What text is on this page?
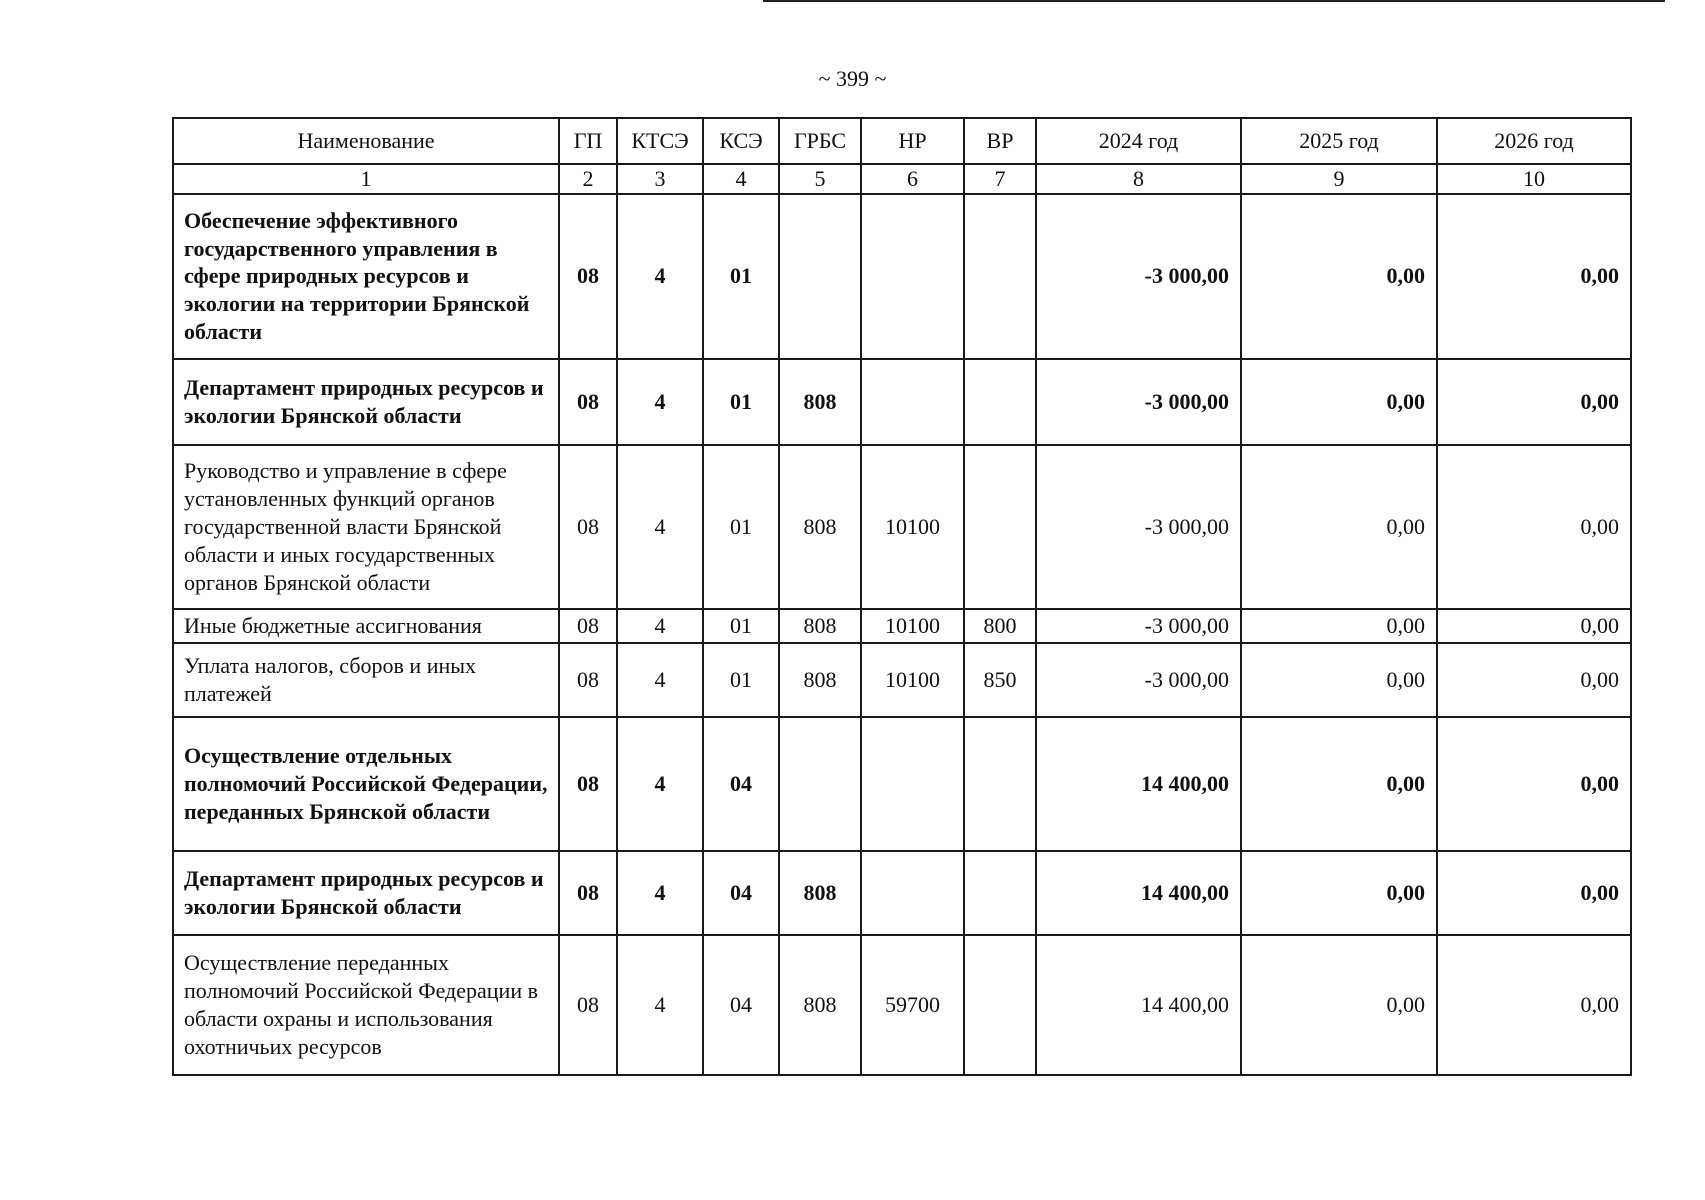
~ 399 ~
Наименование	ГП	КТСЭ	КСЭ	ГРБС	НР	ВР	2024 год	2025 год	2026 год
1	2	3	4	5	6	7	8	9	10
Обеспечение эффективного государственного управления в сфере природных ресурсов и экологии на территории Брянской области	08	4	01				-3 000,00	0,00	0,00
Департамент природных ресурсов и экологии Брянской области	08	4	01	808			-3 000,00	0,00	0,00
Руководство и управление в сфере установленных функций органов государственной власти Брянской области и иных государственных органов Брянской области	08	4	01	808	10100		-3 000,00	0,00	0,00
Иные бюджетные ассигнования	08	4	01	808	10100	800	-3 000,00	0,00	0,00
Уплата налогов, сборов и иных платежей	08	4	01	808	10100	850	-3 000,00	0,00	0,00
Осуществление отдельных полномочий Российской Федерации, переданных Брянской области	08	4	04				14 400,00	0,00	0,00
Департамент природных ресурсов и экологии Брянской области	08	4	04	808			14 400,00	0,00	0,00
Осуществление переданных полномочий Российской Федерации в области охраны и использования охотничьих ресурсов	08	4	04	808	59700		14 400,00	0,00	0,00
